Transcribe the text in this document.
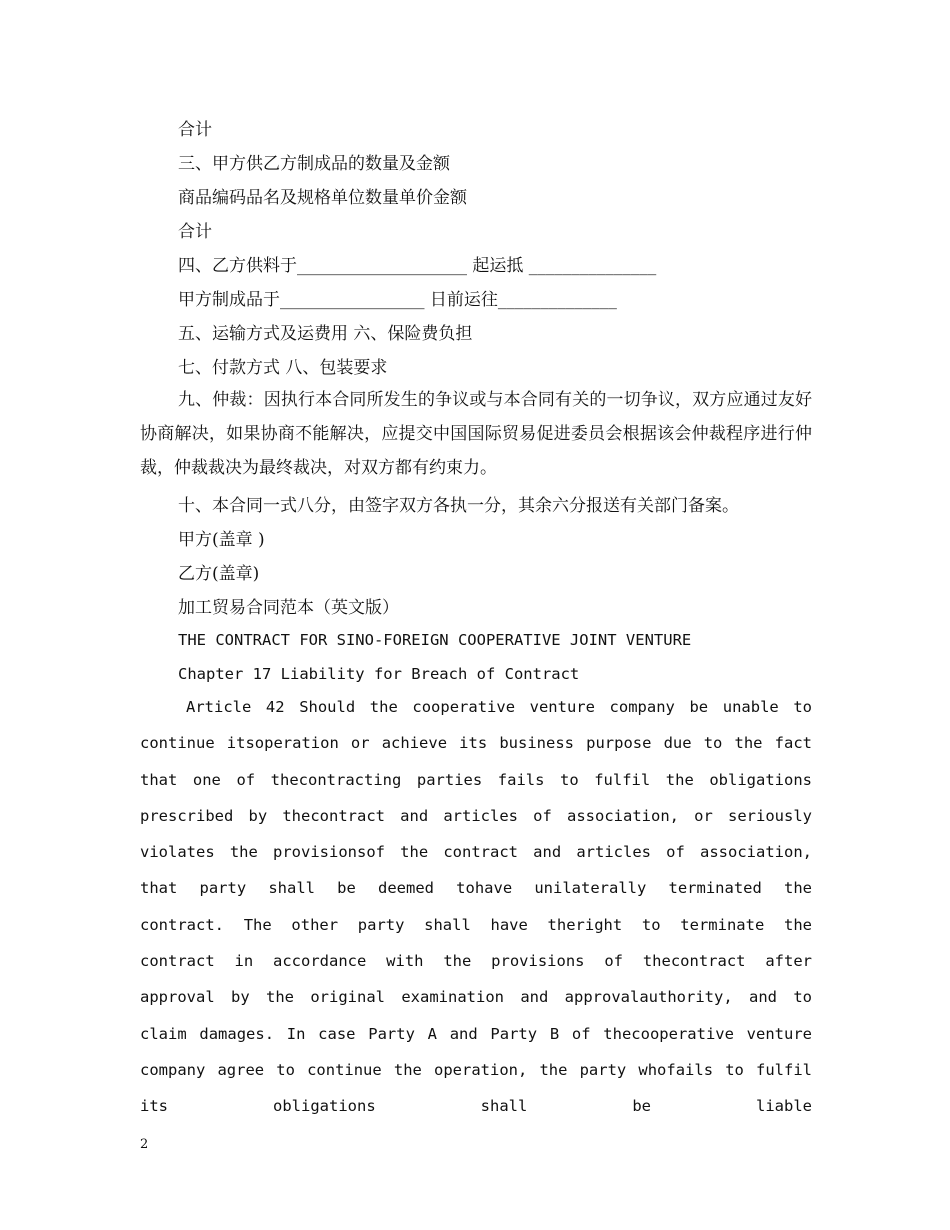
合计
三、甲方供乙方制成品的数量及金额
商品编码品名及规格单位数量单价金额
合计
四、乙方供料于____________________ 起运抵 _______________
甲方制成品于_________________ 日前运往______________
五、运输方式及运费用 六、保险费负担
七、付款方式 八、包装要求
九、仲裁：因执行本合同所发生的争议或与本合同有关的一切争议，双方应通过友好协商解决，如果协商不能解决，应提交中国国际贸易促进委员会根据该会仲裁程序进行仲裁，仲裁裁决为最终裁决，对双方都有约束力。
十、本合同一式八分，由签字双方各执一分，其余六分报送有关部门备案。
甲方(盖章 )
乙方(盖章)
加工贸易合同范本（英文版）
THE CONTRACT FOR SINO-FOREIGN COOPERATIVE JOINT VENTURE
Chapter 17 Liability for Breach of Contract
Article 42 Should the cooperative venture company be unable to continue itsoperation or achieve its business purpose due to the fact that one of thecontracting parties fails to fulfil the obligations prescribed by thecontract and articles of association, or seriously violates the provisionsof the contract and articles of association, that party shall be deemed tohave unilaterally terminated the contract. The other party shall have theright to terminate the contract in accordance with the provisions of thecontract after approval by the original examination and approvalauthority, and to claim damages. In case Party A and Party B of thecooperative venture company agree to continue the operation, the party whofails to fulfil its obligations shall be liable
2
